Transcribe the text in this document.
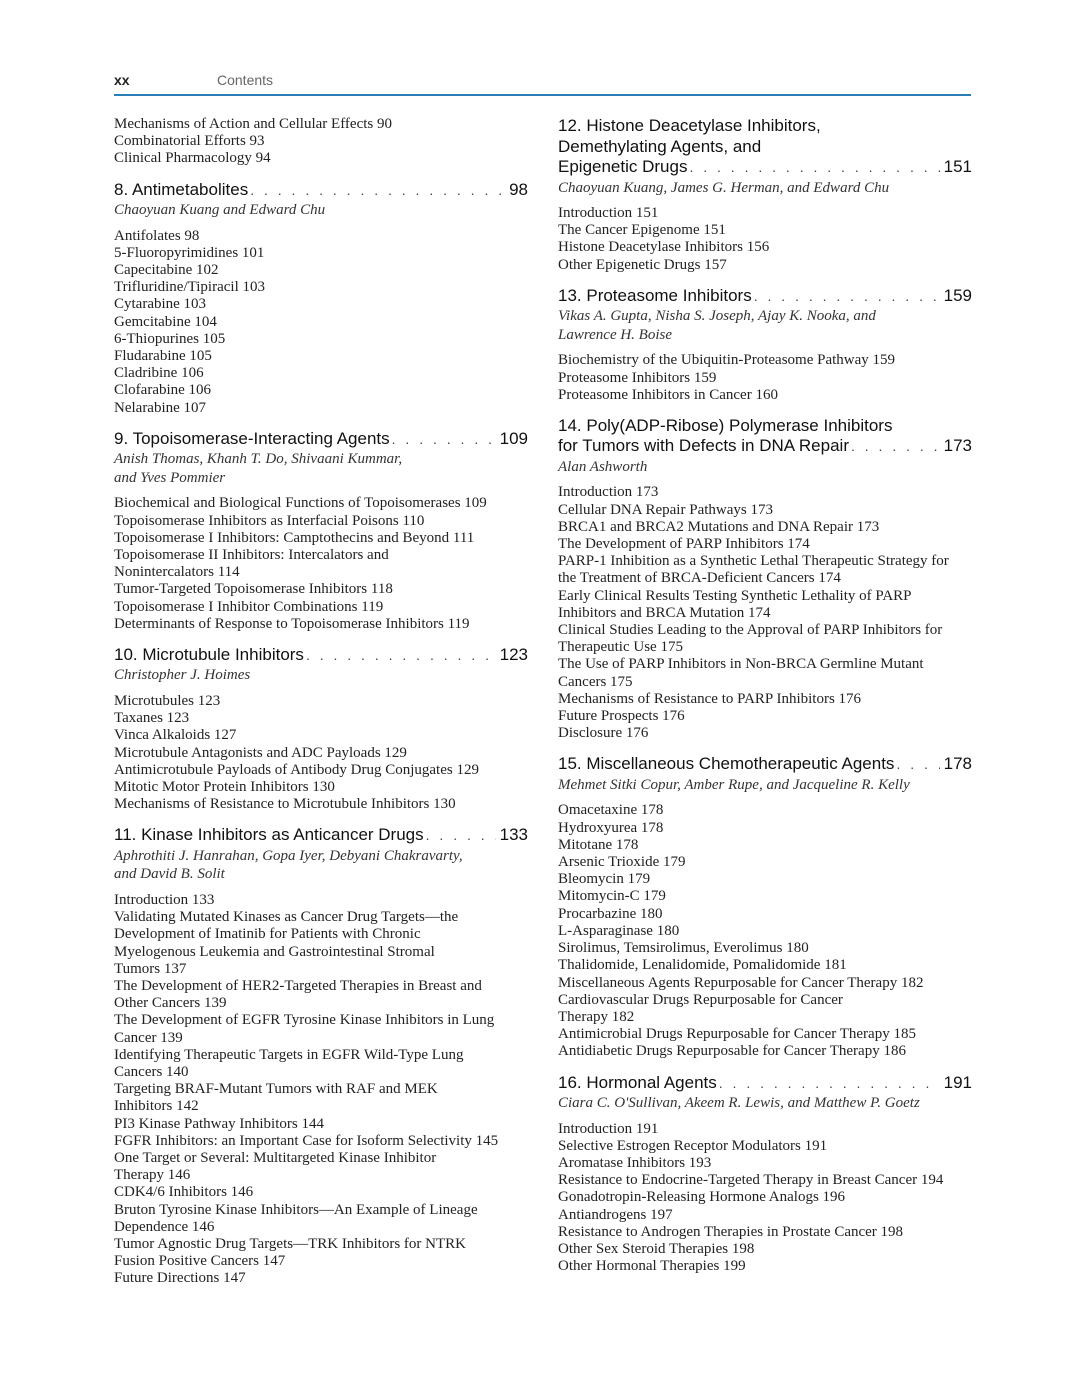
xx	Contents
Mechanisms of Action and Cellular Effects 90
Combinatorial Efforts 93
Clinical Pharmacology 94
8. Antimetabolites . . .	98
Chaoyuan Kuang and Edward Chu
Antifolates 98
5-Fluoropyrimidines 101
Capecitabine 102
Trifluridine/Tipiracil 103
Cytarabine 103
Gemcitabine 104
6-Thiopurines 105
Fludarabine 105
Cladribine 106
Clofarabine 106
Nelarabine 107
9. Topoisomerase-Interacting Agents . . .	109
Anish Thomas, Khanh T. Do, Shivaani Kummar,
and Yves Pommier
Biochemical and Biological Functions of Topoisomerases 109
Topoisomerase Inhibitors as Interfacial Poisons 110
Topoisomerase I Inhibitors: Camptothecins and Beyond 111
Topoisomerase II Inhibitors: Intercalators and
Nonintercalators 114
Tumor-Targeted Topoisomerase Inhibitors 118
Topoisomerase I Inhibitor Combinations 119
Determinants of Response to Topoisomerase Inhibitors 119
10. Microtubule Inhibitors . . .	123
Christopher J. Hoimes
Microtubules 123
Taxanes 123
Vinca Alkaloids 127
Microtubule Antagonists and ADC Payloads 129
Antimicrotubule Payloads of Antibody Drug Conjugates 129
Mitotic Motor Protein Inhibitors 130
Mechanisms of Resistance to Microtubule Inhibitors 130
11. Kinase Inhibitors as Anticancer Drugs . . .	133
Aphrothiti J. Hanrahan, Gopa Iyer, Debyani Chakravarty,
and David B. Solit
Introduction 133
Validating Mutated Kinases as Cancer Drug Targets—the
Development of Imatinib for Patients with Chronic
Myelogenous Leukemia and Gastrointestinal Stromal
Tumors 137
The Development of HER2-Targeted Therapies in Breast and
Other Cancers 139
The Development of EGFR Tyrosine Kinase Inhibitors in Lung
Cancer 139
Identifying Therapeutic Targets in EGFR Wild-Type Lung
Cancers 140
Targeting BRAF-Mutant Tumors with RAF and MEK
Inhibitors 142
PI3 Kinase Pathway Inhibitors 144
FGFR Inhibitors: an Important Case for Isoform Selectivity 145
One Target or Several: Multitargeted Kinase Inhibitor
Therapy 146
CDK4/6 Inhibitors 146
Bruton Tyrosine Kinase Inhibitors—An Example of Lineage
Dependence 146
Tumor Agnostic Drug Targets—TRK Inhibitors for NTRK
Fusion Positive Cancers 147
Future Directions 147
12. Histone Deacetylase Inhibitors,
Demethylating Agents, and
Epigenetic Drugs . . .	151
Chaoyuan Kuang, James G. Herman, and Edward Chu
Introduction 151
The Cancer Epigenome 151
Histone Deacetylase Inhibitors 156
Other Epigenetic Drugs 157
13. Proteasome Inhibitors . . .	159
Vikas A. Gupta, Nisha S. Joseph, Ajay K. Nooka, and
Lawrence H. Boise
Biochemistry of the Ubiquitin-Proteasome Pathway 159
Proteasome Inhibitors 159
Proteasome Inhibitors in Cancer 160
14. Poly(ADP-Ribose) Polymerase Inhibitors
for Tumors with Defects in DNA Repair . . .	173
Alan Ashworth
Introduction 173
Cellular DNA Repair Pathways 173
BRCA1 and BRCA2 Mutations and DNA Repair 173
The Development of PARP Inhibitors 174
PARP-1 Inhibition as a Synthetic Lethal Therapeutic Strategy for
the Treatment of BRCA-Deficient Cancers 174
Early Clinical Results Testing Synthetic Lethality of PARP
Inhibitors and BRCA Mutation 174
Clinical Studies Leading to the Approval of PARP Inhibitors for
Therapeutic Use 175
The Use of PARP Inhibitors in Non-BRCA Germline Mutant
Cancers 175
Mechanisms of Resistance to PARP Inhibitors 176
Future Prospects 176
Disclosure 176
15. Miscellaneous Chemotherapeutic Agents . . .	178
Mehmet Sitki Copur, Amber Rupe, and Jacqueline R. Kelly
Omacetaxine 178
Hydroxyurea 178
Mitotane 178
Arsenic Trioxide 179
Bleomycin 179
Mitomycin-C 179
Procarbazine 180
L-Asparaginase 180
Sirolimus, Temsirolimus, Everolimus 180
Thalidomide, Lenalidomide, Pomalidomide 181
Miscellaneous Agents Repurposable for Cancer Therapy 182
Cardiovascular Drugs Repurposable for Cancer
Therapy 182
Antimicrobial Drugs Repurposable for Cancer Therapy 185
Antidiabetic Drugs Repurposable for Cancer Therapy 186
16. Hormonal Agents . . .	191
Ciara C. O'Sullivan, Akeem R. Lewis, and Matthew P. Goetz
Introduction 191
Selective Estrogen Receptor Modulators 191
Aromatase Inhibitors 193
Resistance to Endocrine-Targeted Therapy in Breast Cancer 194
Gonadotropin-Releasing Hormone Analogs 196
Antiandrogens 197
Resistance to Androgen Therapies in Prostate Cancer 198
Other Sex Steroid Therapies 198
Other Hormonal Therapies 199
